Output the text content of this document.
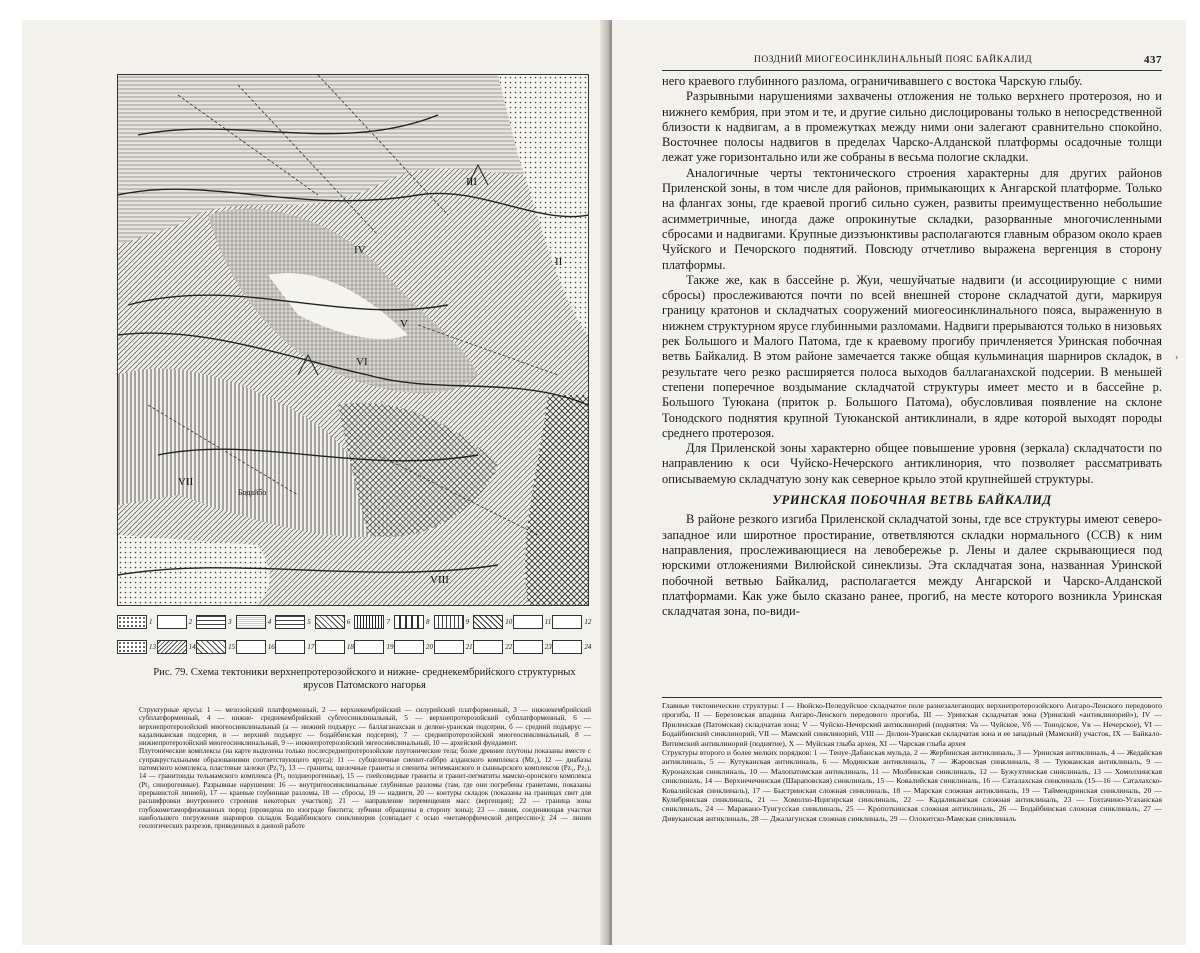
II
III
IV
V
VI
VII
VIII
Бодайбо
1	2	3	4	5	6	7	8	9	10	11	12
13	14	15	16	17	18	19	20	21	22	23	24
Рис. 79. Схема тектоники верхнепротерозойского и нижне- среднекембрийского структурных ярусов Патомского нагорья

Структурные ярусы: 1 — мезозойский платформенный, 2 — верхнекембрийский — силурийский платформенный, 3 — нижнекембрийский субплатформенный, 4 — нижне- среднекембрийский субгеосинклинальный, 5 — верхнепротерозойский субплатформенный, 6 — верхнепротерозойский миогеосинклинальный (а — нижний подъярус — баллаганахская и делюн-уранская подсерии, б — средний подъярус — кадаликанская подсерия, в — верхний подъярус — бодайбинская подсерия), 7 — среднепротерозойский миогеосинклинальный, 8 — нижнепротерозойский миогеосинклинальный, 9 — нижнепротерозойский эвгеосинклинальный, 10 — архейский фундамент.

Плутонические комплексы (на карте выделены только послесреднепротерозойские плутонические тела; более древние плутоны показаны вместе с супракрустальными образованиями соответствующего яруса): 11 — субщелочные сиенит-габбро алданского комплекса (Mz₁), 12 — диабазы патомского комплекса, пластовые залежи (Pz₁?), 13 — граниты, щелочные граниты и сиениты энтимканского и сыннырского комплексов (Pz₁, Pz₂), 14 — гранитоиды тельмамского комплекса (Pt₃ позднеорогенные), 15 — гнейсовидные граниты и гранит-пегматиты мамско-оронского комплекса (Pt₃ синорогенные). Разрывные нарушения: 16 — внутригеосинклинальные глубинные разломы (там, где они погребены гранитами, показаны прерывистой линией), 17 — краевые глубинные разломы, 18 — сбросы, 19 — надвиги, 20 — контуры складок (показаны на границах свит для расшифровки внутреннего строения некоторых участков); 21 — направление перемещения масс (вергенция); 22 — граница зоны глубокометаморфизованных пород (проведена по изограде биотита; зубчики обращены в сторону зоны); 23 — линия, соединяющая участки наибольшего погружения шарниров складок Бодайбинского синклинория (совпадает с осью «метаморфической депрессии»); 24 — линии геологических разрезов, приведенных в данной работе

ПОЗДНИЙ МИОГЕОСИНКЛИНАЛЬНЫЙ ПОЯС БАЙКАЛИД	437

него краевого глубинного разлома, ограничивавшего с востока Чарскую глыбу.

Разрывными нарушениями захвачены отложения не только верхнего протерозоя, но и нижнего кембрия, при этом и те, и другие сильно дислоцированы только в непосредственной близости к надвигам, а в промежутках между ними они залегают сравнительно спокойно. Восточнее полосы надвигов в пределах Чарско-Алданской платформы осадочные толщи лежат уже горизонтально или же собраны в весьма пологие складки.

Аналогичные черты тектонического строения характерны для других районов Приленской зоны, в том числе для районов, примыкающих к Ангарской платформе. Только на флангах зоны, где краевой прогиб сильно сужен, развиты преимущественно небольшие асимметричные, иногда даже опрокинутые складки, разорванные многочисленными сбросами и надвигами. Крупные диэзъюнктивы располагаются главным образом около краев Чуйского и Печорского поднятий. Повсюду отчетливо выражена вергенция в сторону платформы.

Также же, как в бассейне р. Жуи, чешуйчатые надвиги (и ассоциирующие с ними сбросы) прослеживаются почти по всей внешней стороне складчатой дуги, маркируя границу кратонов и складчатых сооружений миогеосинклинального пояса, выраженную в нижнем структурном ярусе глубинными разломами. Надвиги прерываются только в низовьях рек Большого и Малого Патома, где к краевому прогибу причленяется Уринская побочная ветвь Байкалид. В этом районе замечается также общая кульминация шарниров складок, в результате чего резко расширяется полоса выходов баллаганахской подсерии. В меньшей степени поперечное воздымание складчатой структуры имеет место и в бассейне р. Большого Туюкана (приток р. Большого Патома), обусловливая появление на склоне Тонодского поднятия крупной Туюканской антиклинали, в ядре которой выходят породы среднего протерозоя.

Для Приленской зоны характерно общее повышение уровня (зеркала) складчатости по направлению к оси Чуйско-Нечерского антиклинория, что позволяет рассматривать описываемую складчатую зону как северное крыло этой крупнейшей структуры.

УРИНСКАЯ ПОБОЧНАЯ ВЕТВЬ БАЙКАЛИД

В районе резкого изгиба Приленской складчатой зоны, где все структуры имеют северо-западное или широтное простирание, ответвляются складки нормального (ССВ) к ним направления, прослеживающиеся на левобережье р. Лены и далее скрывающиеся под юрскими отложениями Вилюйской синеклизы. Эта складчатая зона, названная Уринской побочной ветвью Байкалид, располагается между Ангарской и Чарско-Алданской платформами. Как уже было сказано ранее, прогиб, на месте которого возникла Уринская складчатая зона, по-види-

›

Главные тектонические структуры: I — Нюйско-Пеледуйское складчатое поле разнезалегающих верхнепротерозойского Ангаро-Ленского передового прогиба, II — Березовская впадина Ангаро-Ленского передового прогиба, III — Уринская складчатая зона (Уринский «антиклинорий»), IV — Приленская (Патомская) складчатая зона; V — Чуйско-Нечерский антиклинорий (поднятия: Va — Чуйское, Vб — Тонодское, Vв — Нечерское), VI — Бодайбинский синклинорий, VII — Мамский синклинорий, VIII — Делюн-Уранская складчатая зона и ее западный (Мамский) участок, IX — Байкало-Витимский антиклинорий (поднятие), X — Муйская глыба архея, XI — Чарская глыба архея

Структуры второго и более мелких порядков: 1 — Тенуе-Дабанская мульда, 2 — Жербинская антиклиналь, 3 — Уринская антиклиналь, 4 — Жедайская антиклиналь, 5 — Кутуканская антиклиналь, 6 — Модинская антиклиналь, 7 — Жаровская синклиналь, 8 — Туюканская антиклиналь, 9 — Куронахская синклиналь, 10 — Малопатомская антиклиналь, 11 — Молбинская синклиналь, 12 — Бужухтинская синклиналь, 13 — Хомолхинская синклиналь, 14 — Верхнечечинская (Шараповская) синклиналь, 15 — Ковалийская синклиналь, 16 — Саталахская синклиналь (15—16 — Саталахско-Ковалийская синклиналь), 17 — Быстринская сложная синклиналь, 18 — Марская сложная антиклиналь, 19 — Таймендринская синклиналь, 20 — Кулибрянская синклиналь, 21 — Хомолхо-Ицигирская синклиналь, 22 — Кадаликанская сложная антиклиналь, 23 — Гохтачино-Угаханская синклиналь, 24 — Маракано-Тунгусская синклиналь, 25 — Кропоткинская сложная антиклиналь, 26 — Бодайбинская сложная синклиналь, 27 — Дивуканская антиклиналь, 28 — Джалагунская сложная синклиналь, 29 — Олокитско-Мамская синклиналь
